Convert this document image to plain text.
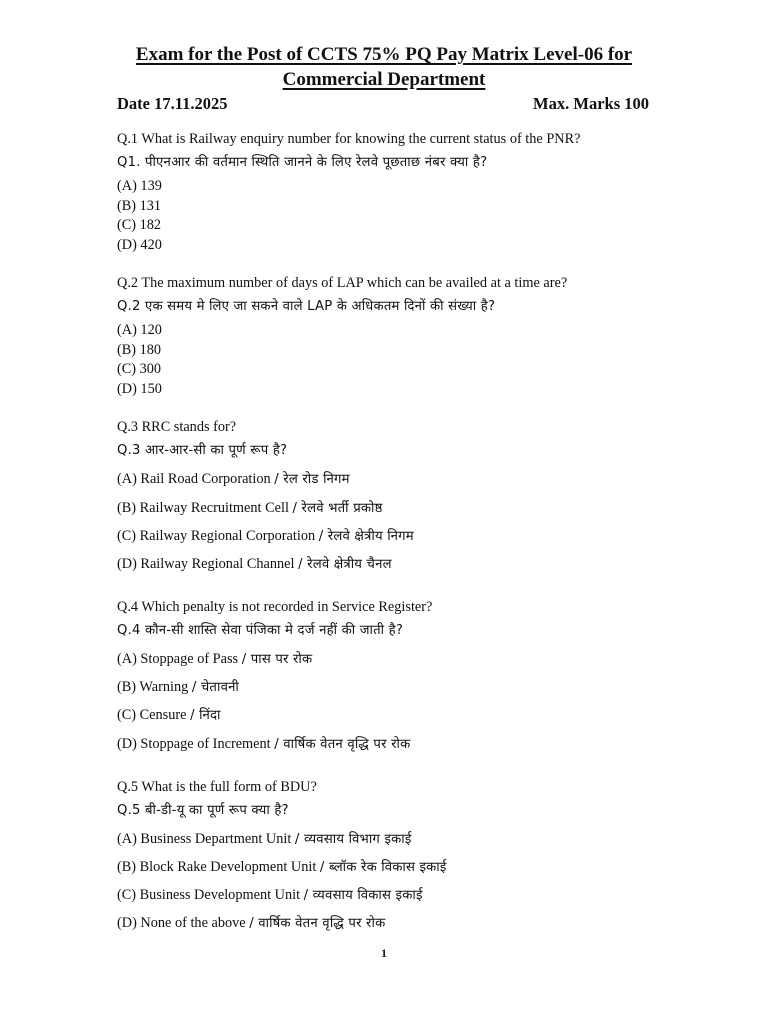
Exam for the Post of CCTS 75% PQ Pay Matrix Level-06 for
Commercial Department
Date 17.11.2025	Max. Marks 100
Q.1 What is Railway enquiry number for knowing the current status of the PNR?
Q1. पीएनआर की वर्तमान स्थिति जानने के लिए रेलवे पूछताछ नंबर क्या है?
(A) 139
(B) 131
(C) 182
(D) 420
Q.2 The maximum number of days of LAP which can be availed at a time are?
Q.2 एक समय मे लिए जा सकने वाले LAP के अधिकतम दिनों की संख्या है?
(A) 120
(B) 180
(C) 300
(D) 150
Q.3 RRC stands for?
Q.3 आर-आर-सी का पूर्ण रूप है?
(A) Rail Road Corporation / रेल रोड निगम
(B) Railway Recruitment Cell / रेलवे भर्ती प्रकोष्ठ
(C) Railway Regional Corporation / रेलवे क्षेत्रीय निगम
(D) Railway Regional Channel / रेलवे क्षेत्रीय चैनल
Q.4 Which penalty is not recorded in Service Register?
Q.4 कौन-सी शास्ति सेवा पंजिका मे दर्ज नहीं की जाती है?
(A) Stoppage of Pass / पास पर रोक
(B) Warning / चेतावनी
(C) Censure / निंदा
(D) Stoppage of Increment / वार्षिक वेतन वृद्धि पर रोक
Q.5 What is the full form of BDU?
Q.5 बी-डी-यू का पूर्ण रूप क्या है?
(A) Business Department Unit / व्यवसाय विभाग इकाई
(B) Block Rake Development Unit / ब्लॉक रेक विकास इकाई
(C) Business Development Unit / व्यवसाय विकास इकाई
(D) None of the above / वार्षिक वेतन वृद्धि पर रोक
1
